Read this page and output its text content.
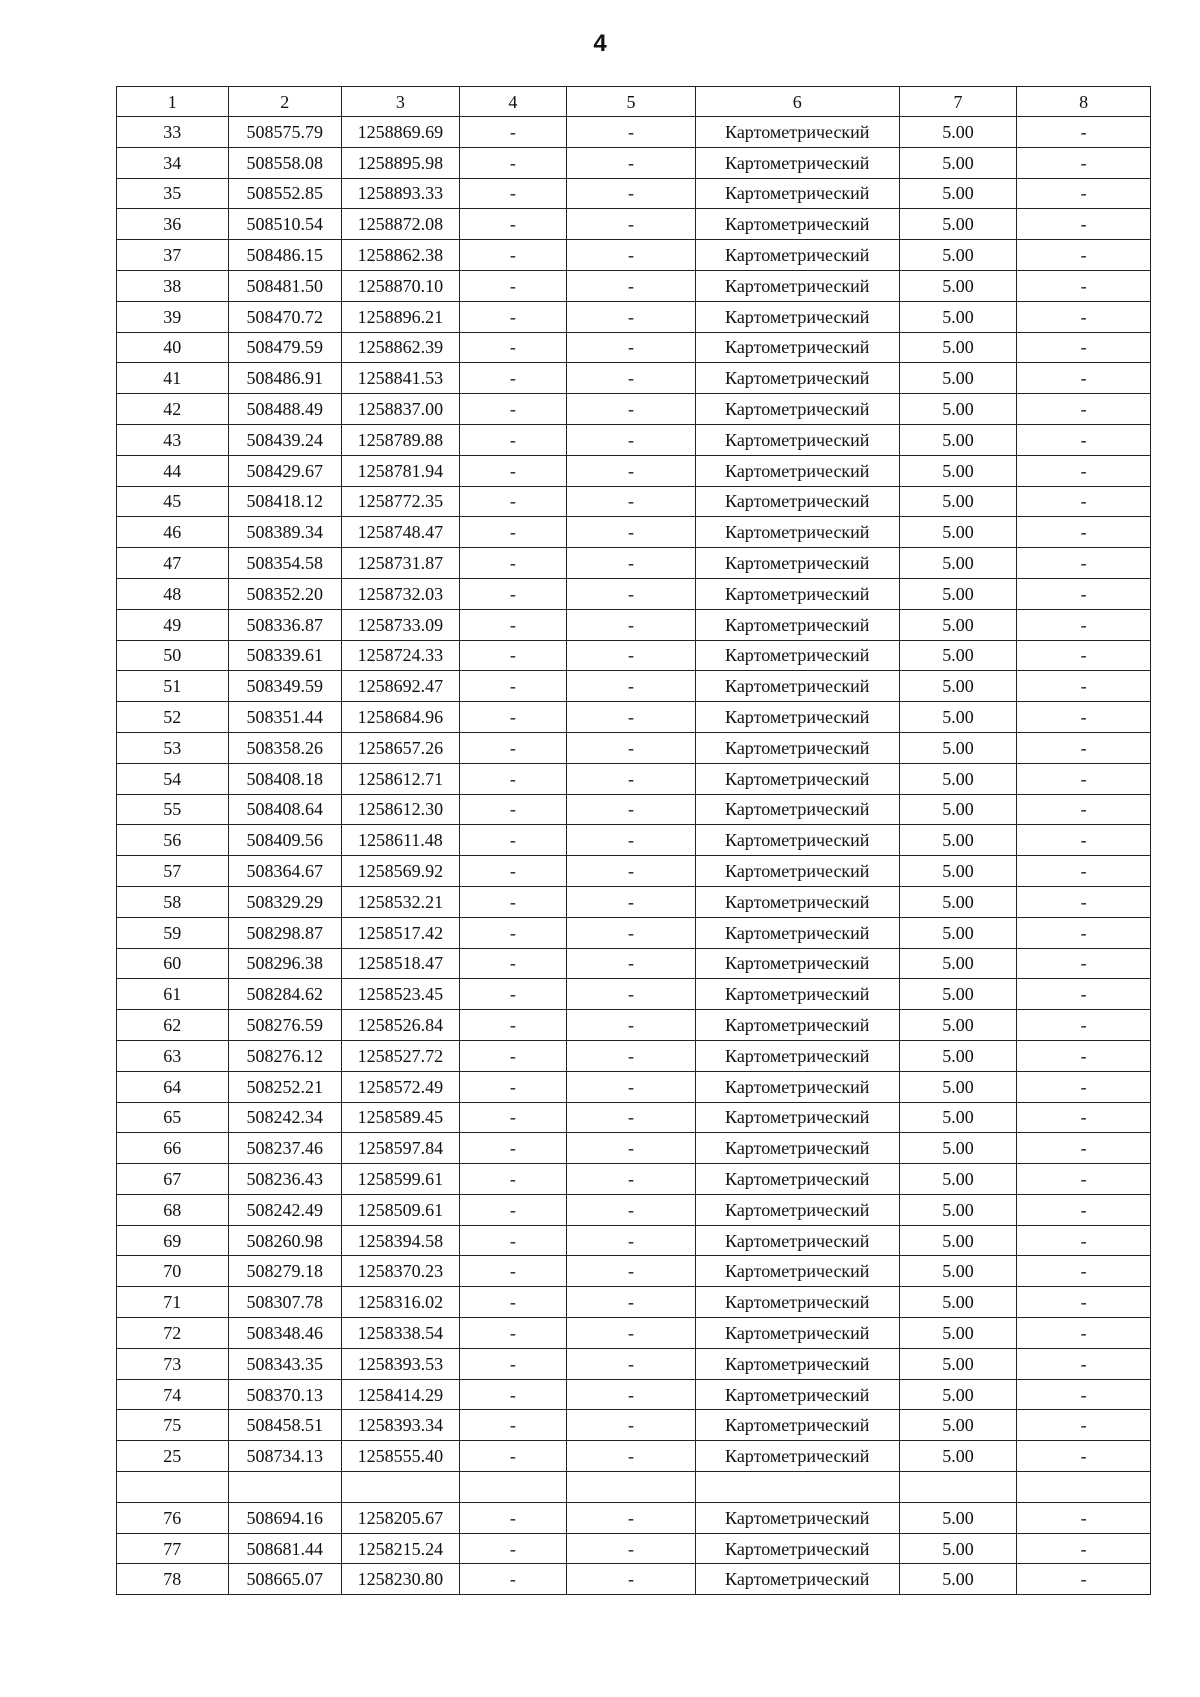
4
1	2	3	4	5	6	7	8
33	508575.79	1258869.69	-	-	Картометрический	5.00	-
34	508558.08	1258895.98	-	-	Картометрический	5.00	-
35	508552.85	1258893.33	-	-	Картометрический	5.00	-
36	508510.54	1258872.08	-	-	Картометрический	5.00	-
37	508486.15	1258862.38	-	-	Картометрический	5.00	-
38	508481.50	1258870.10	-	-	Картометрический	5.00	-
39	508470.72	1258896.21	-	-	Картометрический	5.00	-
40	508479.59	1258862.39	-	-	Картометрический	5.00	-
41	508486.91	1258841.53	-	-	Картометрический	5.00	-
42	508488.49	1258837.00	-	-	Картометрический	5.00	-
43	508439.24	1258789.88	-	-	Картометрический	5.00	-
44	508429.67	1258781.94	-	-	Картометрический	5.00	-
45	508418.12	1258772.35	-	-	Картометрический	5.00	-
46	508389.34	1258748.47	-	-	Картометрический	5.00	-
47	508354.58	1258731.87	-	-	Картометрический	5.00	-
48	508352.20	1258732.03	-	-	Картометрический	5.00	-
49	508336.87	1258733.09	-	-	Картометрический	5.00	-
50	508339.61	1258724.33	-	-	Картометрический	5.00	-
51	508349.59	1258692.47	-	-	Картометрический	5.00	-
52	508351.44	1258684.96	-	-	Картометрический	5.00	-
53	508358.26	1258657.26	-	-	Картометрический	5.00	-
54	508408.18	1258612.71	-	-	Картометрический	5.00	-
55	508408.64	1258612.30	-	-	Картометрический	5.00	-
56	508409.56	1258611.48	-	-	Картометрический	5.00	-
57	508364.67	1258569.92	-	-	Картометрический	5.00	-
58	508329.29	1258532.21	-	-	Картометрический	5.00	-
59	508298.87	1258517.42	-	-	Картометрический	5.00	-
60	508296.38	1258518.47	-	-	Картометрический	5.00	-
61	508284.62	1258523.45	-	-	Картометрический	5.00	-
62	508276.59	1258526.84	-	-	Картометрический	5.00	-
63	508276.12	1258527.72	-	-	Картометрический	5.00	-
64	508252.21	1258572.49	-	-	Картометрический	5.00	-
65	508242.34	1258589.45	-	-	Картометрический	5.00	-
66	508237.46	1258597.84	-	-	Картометрический	5.00	-
67	508236.43	1258599.61	-	-	Картометрический	5.00	-
68	508242.49	1258509.61	-	-	Картометрический	5.00	-
69	508260.98	1258394.58	-	-	Картометрический	5.00	-
70	508279.18	1258370.23	-	-	Картометрический	5.00	-
71	508307.78	1258316.02	-	-	Картометрический	5.00	-
72	508348.46	1258338.54	-	-	Картометрический	5.00	-
73	508343.35	1258393.53	-	-	Картометрический	5.00	-
74	508370.13	1258414.29	-	-	Картометрический	5.00	-
75	508458.51	1258393.34	-	-	Картометрический	5.00	-
25	508734.13	1258555.40	-	-	Картометрический	5.00	-

76	508694.16	1258205.67	-	-	Картометрический	5.00	-
77	508681.44	1258215.24	-	-	Картометрический	5.00	-
78	508665.07	1258230.80	-	-	Картометрический	5.00	-
